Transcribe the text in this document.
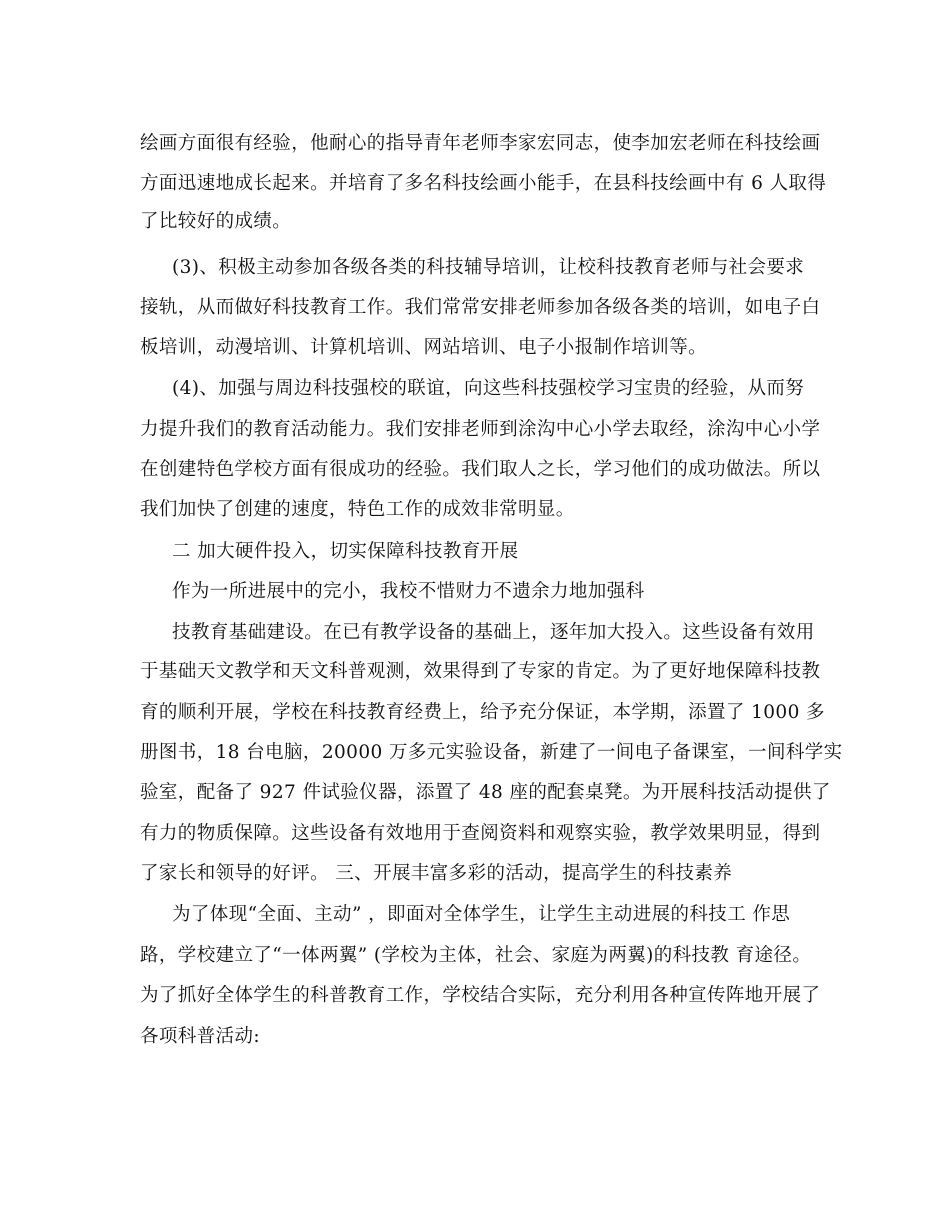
绘画方面很有经验，他耐心的指导青年老师李家宏同志，使李加宏老师在科技绘画
方面迅速地成长起来。并培育了多名科技绘画小能手，在县科技绘画中有 6 人取得
了比较好的成绩。
(3)、积极主动参加各级各类的科技辅导培训，让校科技教育老师与社会要求
接轨，从而做好科技教育工作。我们常常安排老师参加各级各类的培训，如电子白
板培训，动漫培训、计算机培训、网站培训、电子小报制作培训等。
(4)、加强与周边科技强校的联谊，向这些科技强校学习宝贵的经验，从而努
力提升我们的教育活动能力。我们安排老师到涂沟中心小学去取经，涂沟中心小学
在创建特色学校方面有很成功的经验。我们取人之长，学习他们的成功做法。所以
我们加快了创建的速度，特色工作的成效非常明显。
二 加大硬件投入，切实保障科技教育开展
作为一所进展中的完小，我校不惜财力不遗余力地加强科
技教育基础建设。在已有教学设备的基础上，逐年加大投入。这些设备有效用
于基础天文教学和天文科普观测，效果得到了专家的肯定。为了更好地保障科技教
育的顺利开展，学校在科技教育经费上，给予充分保证，本学期，添置了 1000 多
册图书，18 台电脑，20000 万多元实验设备，新建了一间电子备课室，一间科学实
验室，配备了 927 件试验仪器，添置了 48 座的配套桌凳。为开展科技活动提供了
有力的物质保障。这些设备有效地用于查阅资料和观察实验，教学效果明显，得到
了家长和领导的好评。 三、开展丰富多彩的活动，提高学生的科技素养
为了体现“全面、主动” ，即面对全体学生，让学生主动进展的科技工 作思
路，学校建立了“一体两翼” (学校为主体，社会、家庭为两翼)的科技教 育途径。
为了抓好全体学生的科普教育工作，学校结合实际，充分利用各种宣传阵地开展了
各项科普活动:
